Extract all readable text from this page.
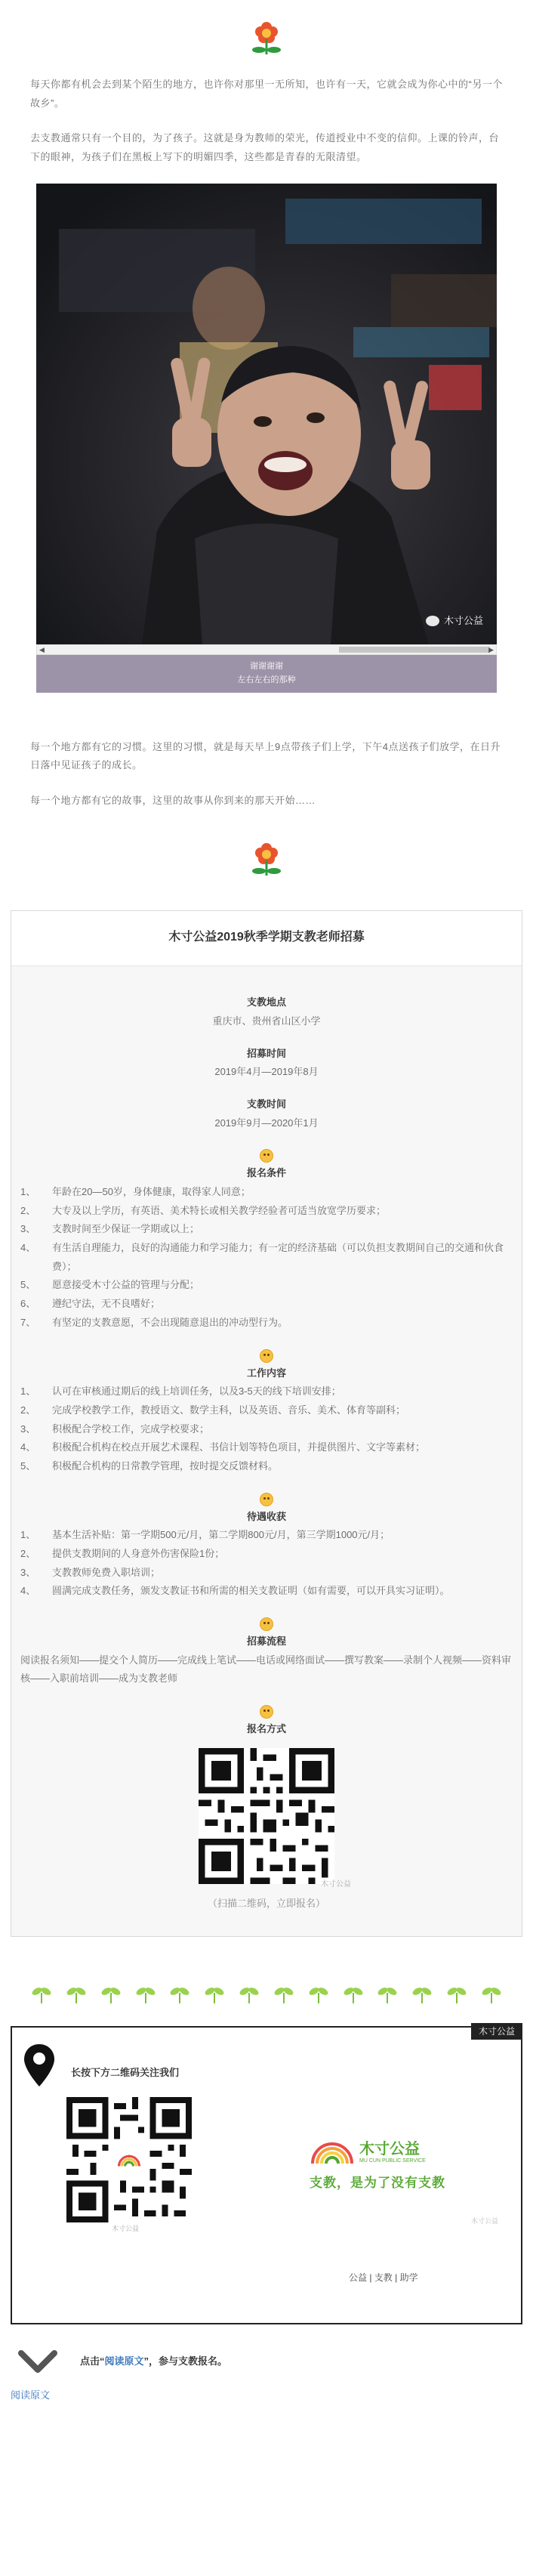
每天你都有机会去到某个陌生的地方，也许你对那里一无所知，也许有一天，它就会成为你心中的“另一个故乡”。

去支教通常只有一个目的，为了孩子。这就是身为教师的荣光，传道授业中不变的信仰。上课的铃声，台下的眼神，为孩子们在黑板上写下的明媚四季，这些都是青春的无限清望。

木寸公益
◀	▶
谢谢谢谢
左右左右的那种

每一个地方都有它的习惯。这里的习惯，就是每天早上9点带孩子们上学，下午4点送孩子们放学，在日升日落中见证孩子的成长。

每一个地方都有它的故事，这里的故事从你到来的那天开始……

木寸公益2019秋季学期支教老师招募
支教地点
重庆市、贵州省山区小学
招募时间
2019年4月—2019年8月
支教时间
2019年9月—2020年1月
报名条件
1、	年龄在20—50岁，身体健康，取得家人同意；
2、	大专及以上学历，有英语、美术特长或相关教学经验者可适当放宽学历要求；
3、	支教时间至少保证一学期或以上；
4、	有生活自理能力，良好的沟通能力和学习能力；有一定的经济基础（可以负担支教期间自己的交通和伙食费）；
5、	愿意接受木寸公益的管理与分配；
6、	遵纪守法，无不良嗜好；
7、	有坚定的支教意愿，不会出现随意退出的冲动型行为。
工作内容
1、	认可在审核通过期后的线上培训任务，以及3-5天的线下培训安排；
2、	完成学校教学工作，教授语文、数学主科，以及英语、音乐、美术、体育等副科；
3、	积极配合学校工作，完成学校要求；
4、	积极配合机构在校点开展艺术课程、书信计划等特色项目，并提供图片、文字等素材；
5、	积极配合机构的日常教学管理，按时提交反馈材料。
待遇收获
1、	基本生活补贴：第一学期500元/月，第二学期800元/月，第三学期1000元/月；
2、	提供支教期间的人身意外伤害保险1份；
3、	支教教师免费入职培训；
4、	圆满完成支教任务，颁发支教证书和所需的相关支教证明（如有需要，可以开具实习证明）。
招募流程
阅读报名须知——提交个人简历——完成线上笔试——电话或网络面试——撰写教案——录制个人视频——资料审核——入职前培训——成为支教老师
报名方式
木寸公益
（扫描二维码，立即报名）
木寸公益
长按下方二维码关注我们
木寸公益
木寸公益
MU CUN PUBLIC SERVICE
支教，是为了没有支教
公益 | 支教 | 助学
木寸公益
点击“阅读原文”，参与支教报名。
阅读原文
